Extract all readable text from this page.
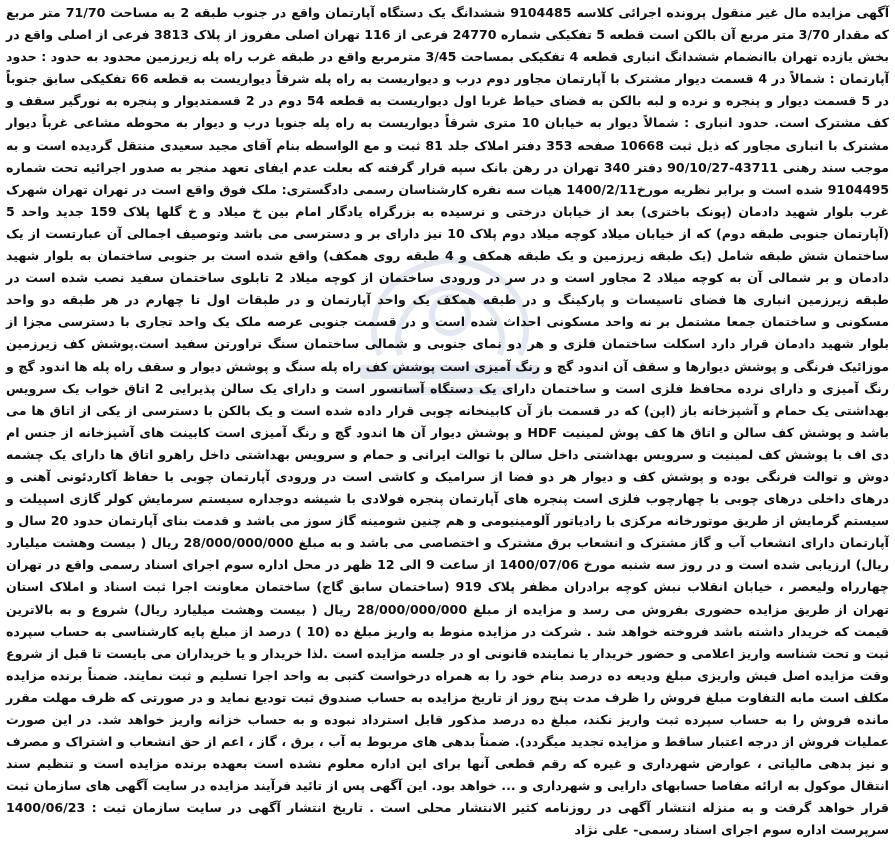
آگهی مزایده مال غیر منقول پرونده اجرائی کلاسه 9104485 ششدانگ یک دستگاه آپارتمان واقع در جنوب طبقه 2 به مساحت 71/70 متر مربع که مقدار 3/70 متر مربع آن بالکن است قطعه 5 تفکیکی شماره 24770 فرعی از 116 تهران اصلی مفروز از پلاک 3813 فرعی از اصلی واقع در بخش یازده تهران باانضمام ششدانگ انباری قطعه 4 تفکیکی بمساحت 3/45 مترمربع واقع در طبقه غرب راه پله زیرزمین محدود به حدود : حدود آپارتمان : شمالاً در 4 قسمت دیوار مشترک با آپارتمان مجاور دوم درب و دیواریست به راه پله شرقاً دیواریست به قطعه 66 تفکیکی سابق جنوباً در 5 قسمت دیوار و پنجره و نرده و لبه بالکن به فضای حیاط غربا اول دیواریست به قطعه 54 دوم در 2 قسمتدیوار و پنجره به نورگیر سقف و کف مشترک است. حدود انباری : شمالاً دیوار به خیابان 10 متری شرقاً دیواریست به راه پله جنوبا درب و دیوار به محوطه مشاعی غرباً دیوار مشترک با انباری مجاور که ذیل ثبت 10668 صفحه 353 دفتر املاک جلد 81 ثبت و مع الواسطه بنام آقای مجید سعیدی منتقل گردیده است و به موجب سند رهنی 43711-90/10/27 دفتر 340 تهران در رهن بانک سپه قرار گرفته که بعلت عدم ایفای تعهد منجر به صدور اجرائیه تحت شماره 9104495 شده است و برابر نظریه مورخ1400/2/11 هیات سه نفره کارشناسان رسمی دادگستری: ملک فوق واقع است در تهران تهران شهرک غرب بلوار شهید دادمان (پونک باختری) بعد از خیابان درختی و نرسیده به بزرگراه یادگار امام بین خ میلاد و خ گلها پلاک 159 جدید واحد 5 (آپارتمان جنوبی طبقه دوم) که از خیابان میلاد کوچه میلاد دوم پلاک 10 نیز دارای بر و دسترسی می باشد وتوصیف اجمالی آن عبارتست از یک ساختمان شش طبقه شامل (یک طبقه زیرزمین و یک طبقه همکف و 4 طبقه روی همکف) واقع شده است بر جنوبی ساختمان به بلوار شهید دادمان و بر شمالی آن به کوچه میلاد 2 مجاور است و در سر در ورودی ساختمان از کوچه میلاد 2 تابلوی ساختمان سفید نصب شده است در طبقه زیرزمین انباری ها فضای تاسیسات و پارکینگ و در طبقه همکف یک واحد آپارتمان و در طبقات اول تا چهارم در هر طبقه دو واحد مسکونی و ساختمان جمعا مشتمل بر نه واحد مسکونی احداث شده است و در قسمت جنوبی عرصه ملک یک واحد تجاری با دسترسی مجزا از بلوار شهید دادمان قرار دارد اسکلت ساختمان فلزی و هر دو نمای جنوبی و شمالی ساختمان سنگ تراورتن سفید است.پوشش کف زیرزمین موزائیک فرنگی و پوشش دیوارها و سقف آن اندود گچ و رنگ آمیزی است پوشش کف راه پله سنگ و پوشش دیوار و سقف راه پله ها اندود گچ و رنگ آمیزی و دارای نرده محافظ فلزی است و ساختمان دارای یک دستگاه آسانسور است و دارای یک سالن پذیرایی 2 اتاق خواب یک سرویس بهداشتی یک حمام و آشپزخانه باز (اپن) که در قسمت باز آن کابینخانه چوبی قرار داده شده است و یک بالکن با دسترسی از یکی از اتاق ها می باشد و پوشش کف سالن و اتاق ها کف پوش لمینیت HDF و پوشش دیوار آن ها اندود گچ و رنگ آمیزی است کابینت های آشپزخانه از جنس ام دی اف با پوشش کف لمینیت و سرویس بهداشتی داخل سالن با توالت ایرانی و حمام و سرویس بهداشتی داخل راهرو اتاق ها دارای یک چشمه دوش و توالت فرنگی بوده و پوشش کف و دیوار هر دو فضا از سرامیک و کاشی است در ورودی آپارتمان چوبی با حفاظ آکاردئونی آهنی و درهای داخلی درهای چوبی با چهارچوب فلزی است پنجره های آپارتمان پنجره فولادی با شیشه دوجداره سیستم سرمایش کولر گازی اسپیلت و سیستم گرمایش از طریق موتورخانه مرکزی با رادیاتور آلومینیومی و هم چنین شومینه گاز سوز می باشد و قدمت بنای آپارتمان حدود 20 سال و آپارتمان دارای انشعاب آب و گاز مشترک و انشعاب برق مشترک و اختصاصی می باشد و به مبلغ 28/000/000/000 ریال ( بیست وهشت میلیارد ریال) ارزیابی شده است و در روز سه شنبه مورخ 1400/07/06 از ساعت 9 الی 12 ظهر در محل اداره سوم اجرای اسناد رسمی واقع در تهران چهارراه ولیعصر ، خیابان انقلاب نبش کوچه برادران مظفر پلاک 919 (ساختمان سابق گاج) ساختمان معاونت اجرا ثبت اسناد و املاک استان تهران از طریق مزایده حضوری بفروش می رسد و مزایده از مبلغ 28/000/000/000 ریال ( بیست وهشت میلیارد ریال) شروع و به بالاترین قیمت که خریدار داشته باشد فروخته خواهد شد . شرکت در مزایده منوط به واریز مبلغ ده (10 ) درصد از مبلغ پایه کارشناسی به حساب سپرده ثبت و تحت شناسه واریز اعلامی و حضور خریدار یا نماینده قانونی او در جلسه مزایده است .لذا خریدار و یا خریداران می بایست تا قبل از شروع وقت مزایده اصل فیش واریزی مبلغ ودیعه ده درصد بنام خود را به همراه درخواست کتبی به واحد اجرا تسلیم و ثبت نمایند. ضمناً برنده مزایده مکلف است مابه التفاوت مبلغ فروش را ظرف مدت پنج روز از تاریخ مزایده به حساب صندوق ثبت تودیع نماید و در صورتی که ظرف مهلت مقرر مانده فروش را به حساب سپرده ثبت واریز نکند، مبلغ ده درصد مذکور قابل استرداد نبوده و به حساب خزانه واریز خواهد شد. در این صورت عملیات فروش از درجه اعتبار ساقط و مزایده تجدید میگردد). ضمناً بدهی های مربوط به آب ، برق ، گاز ، اعم از حق انشعاب و اشتراک و مصرف و نیز بدهی مالیاتی ، عوارض شهرداری و غیره که رقم قطعی آنها برای این اداره معلوم نشده است بعهده برنده مزایده است و تنظیم سند انتقال موکول به ارائه مفاصا حسابهای دارایی و شهرداری و ... خواهد بود. این آگهی پس از تائید فرآیند مزایده در سایت آگهی های سازمان ثبت قرار خواهد گرفت و به منزله انتشار آگهی در روزنامه کثیر الانتشار محلی است . تاریخ انتشار آگهی در سایت سازمان ثبت : 1400/06/23 سرپرست اداره سوم اجرای اسناد رسمی- علی نژاد
